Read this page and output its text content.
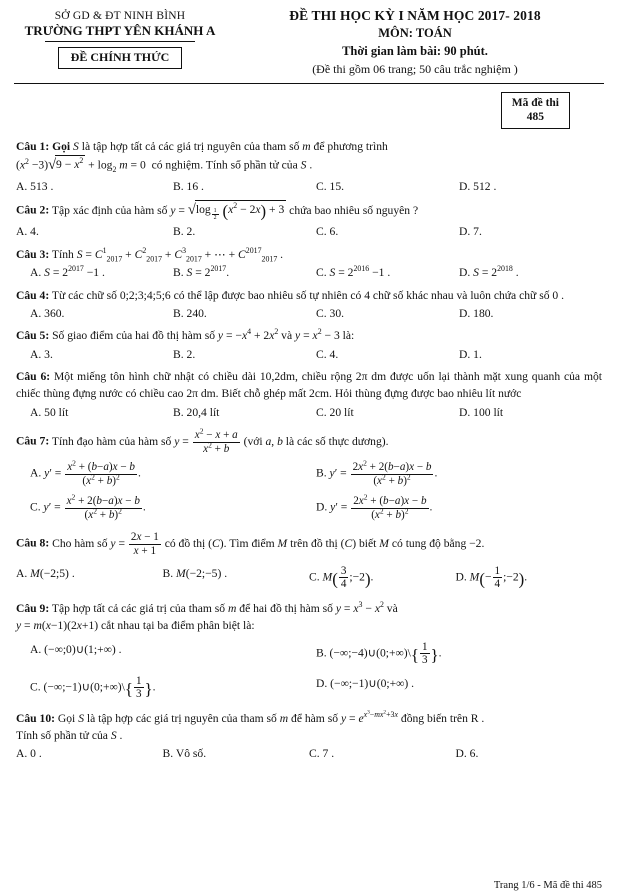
SỞ GD & ĐT NINH BÌNH
TRƯỜNG THPT YÊN KHÁNH A
ĐỀ CHÍNH THỨC
ĐỀ THI HỌC KỲ I NĂM HỌC 2017- 2018
MÔN: TOÁN
Thời gian làm bài: 90 phút.
(Đề thi gồm 06 trang; 50 câu trắc nghiệm )
Mã đề thi
485
Câu 1: Gọi S là tập hợp tất cả các giá trị nguyên của tham số m để phương trình
$(x^2 -3)√9 - x^2 + \log_2 m = 0$  có nghiệm. Tính số phần tử của S .
A. 513 .	B. 16 .	C. 15.	D. 512 .
Câu 2: Tập xác định của hàm số y = √log $_{\frac{1}{2}}$ $(x^2 - 2x) + 3$ chứa bao nhiêu số nguyên ?
A. 4.	B. 2.	C. 6.	D. 7.
Câu 3: Tính $S = C^1_{2017} + C^2_{2017} + C^3_{2017}$ + ⋯ + $C^{2017}_{2017}$ .
A. $S = 2^{2017} -1$ .	B. $S = 2^{2017}$.	C. $S = 2^{2016} -1$ .	D. $S = 2^{2018}$ .
Câu 4: Từ các chữ số 0;2;3;4;5;6 có thể lập được bao nhiêu số tự nhiên có 4 chữ số khác nhau và luôn chứa chữ số 0 .
A. 360.	B. 240.	C. 30.	D. 180.
Câu 5: Số giao điểm của hai đồ thị hàm số $y = -x^4 + 2x^2$ và $y = x^2 - 3$ là:
A. 3.	B. 2.	C. 4.	D. 1.
Câu 6: Một miếng tôn hình chữ nhật có chiều dài 10,2dm, chiều rộng 2π dm được uốn lại thành mặt xung quanh của một chiếc thùng đựng nước có chiều cao 2π dm. Biết chỗ ghép mất 2cm. Hỏi thùng đựng được bao nhiêu lít nước
A. 50 lít	B. 20,4 lít	C. 20 lít	D. 100 lít
Câu 7: Tính đạo hàm của hàm số $y = \frac{x^2 - x + a}{x^2 + b}$ (với a, b là các số thực dương).
A. $y' = \frac{x^2 + (b-a)x - b}{(x^2 + b)^2}$ .	B. $y' = \frac{2x^2 + 2(b-a)x - b}{(x^2 + b)^2}$ .
C. $y' = \frac{x^2 + 2(b-a)x - b}{(x^2 + b)^2}$ .	D. $y' = \frac{2x^2 + (b-a)x - b}{(x^2 + b)^2}$ .
Câu 8: Cho hàm số $y = \frac{2x - 1}{x + 1}$ có đồ thị (C). Tìm điểm M trên đồ thị (C) biết M có tung độ bằng −2.
A. M(−2;5) .	B. M(−2;−5) .	C. $M( \frac{3}{4}$ ;−2).	D. $M(- \frac{1}{4}$ ;−2).
Câu 9: Tập hợp tất cả các giá trị của tham số m để hai đồ thị hàm số $y = x^3 - x^2$ và
y = m(x−1)(2x+1) cắt nhau tại ba điểm phân biệt là:
A. (−∞;0)∪(1;+∞) .	B. (−∞;−4)∪(0;+∞)\{ $\frac{1}{3}$ }.
C. (−∞;−1)∪(0;+∞)\{ $\frac{1}{3}$ }.	D. (−∞;−1)∪(0;+∞) .
Câu 10: Gọi S là tập hợp các giá trị nguyên của tham số m để hàm số $y = e^{x^3-mx^2+3x}$ đồng biến trên R .
Tính số phần tử của S .
A. 0 .	B. Vô số.	C. 7 .	D. 6.
Trang 1/6 - Mã đề thi 485
